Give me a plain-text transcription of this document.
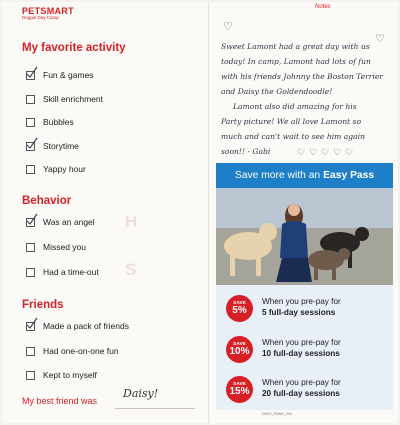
PETSMART
Doggie Day Camp
H
S
My favorite activity
Fun & games
Skill enrichment
Bubbles
Storytime
Yappy hour
Behavior
Was an angel
Missed you
Had a time-out
Friends
Made a pack of friends
Had one-on-one fun
Kept to myself
My best friend was
Daisy!
Notes
♡
♡
Sweet Lamont had a great day with us
today! In camp, Lamont had lots of fun
with his friends Johnny the Boston Terrier
and Daisy the Goldendoodle!
Lamont also did amazing for his
Party picture! We all love Lamont so
much and can't wait to see him again
soon!! - Gabi	♡ ♡ ♡ ♡ ♡
Save more with an Easy Pass
SAVE
5%
When you pre-pay for
5 full-day sessions
SAVE
10%
When you pre-pay for
10 full-day sessions
SAVE
15%
When you pre-pay for
20 full-day sessions
DDEV_PAWG_004
